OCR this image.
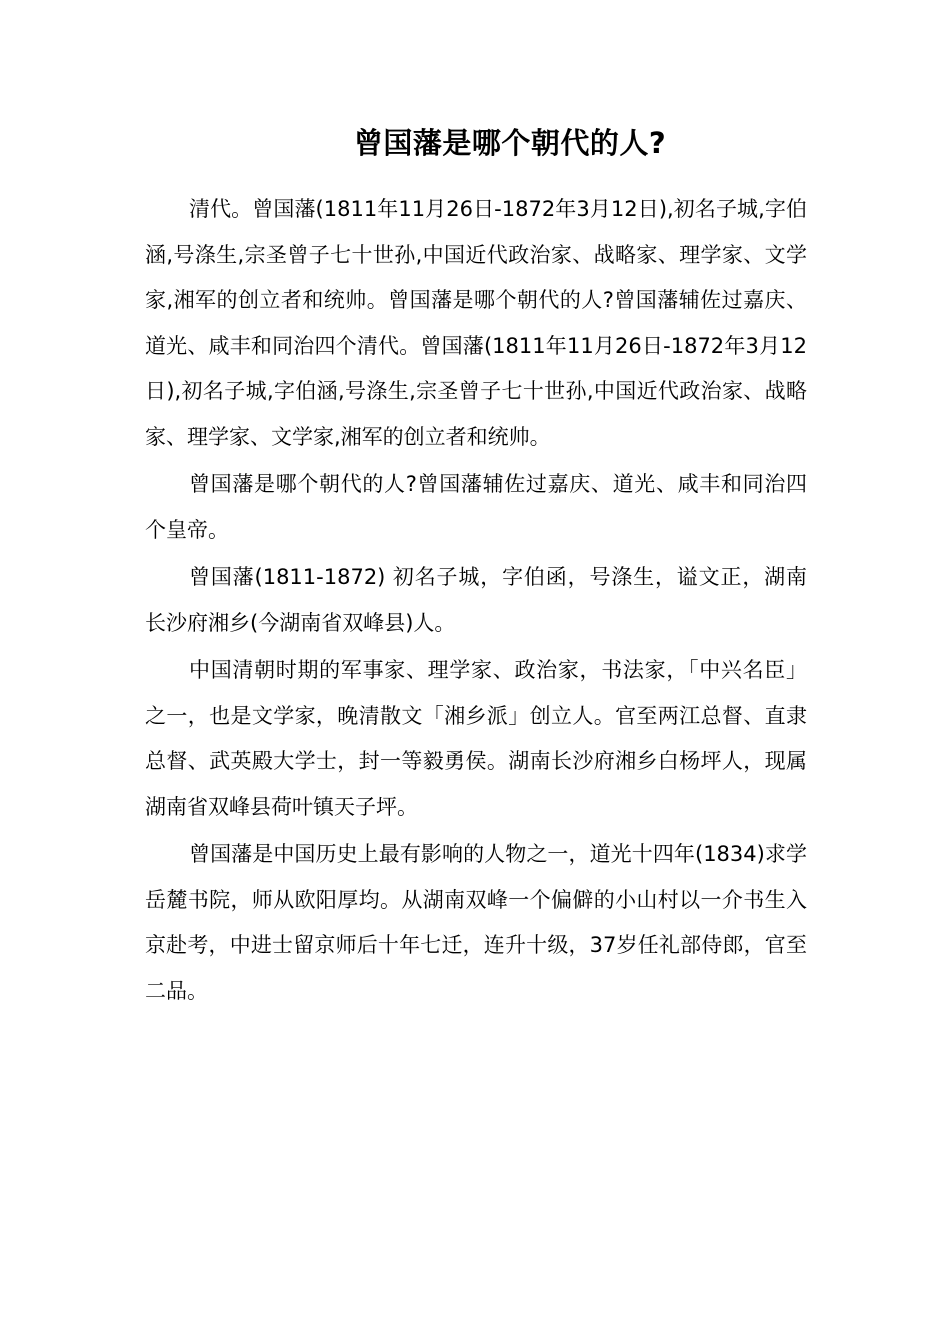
曾国藩是哪个朝代的人?

清代。曾国藩(1811年11月26日-1872年3月12日),初名子城,字伯涵,号涤生,宗圣曾子七十世孙,中国近代政治家、战略家、理学家、文学家,湘军的创立者和统帅。曾国藩是哪个朝代的人?曾国藩辅佐过嘉庆、道光、咸丰和同治四个清代。曾国藩(1811年11月26日-1872年3月12日),初名子城,字伯涵,号涤生,宗圣曾子七十世孙,中国近代政治家、战略家、理学家、文学家,湘军的创立者和统帅。

曾国藩是哪个朝代的人?曾国藩辅佐过嘉庆、道光、咸丰和同治四个皇帝。

曾国藩(1811-1872) 初名子城，字伯函，号涤生，谥文正，湖南长沙府湘乡(今湖南省双峰县)人。

中国清朝时期的军事家、理学家、政治家，书法家，「中兴名臣」之一，也是文学家，晚清散文「湘乡派」创立人。官至两江总督、直隶总督、武英殿大学士，封一等毅勇侯。湖南长沙府湘乡白杨坪人，现属湖南省双峰县荷叶镇天子坪。

曾国藩是中国历史上最有影响的人物之一，道光十四年(1834)求学岳麓书院，师从欧阳厚均。从湖南双峰一个偏僻的小山村以一介书生入京赴考，中进士留京师后十年七迁，连升十级，37岁任礼部侍郎，官至二品。
